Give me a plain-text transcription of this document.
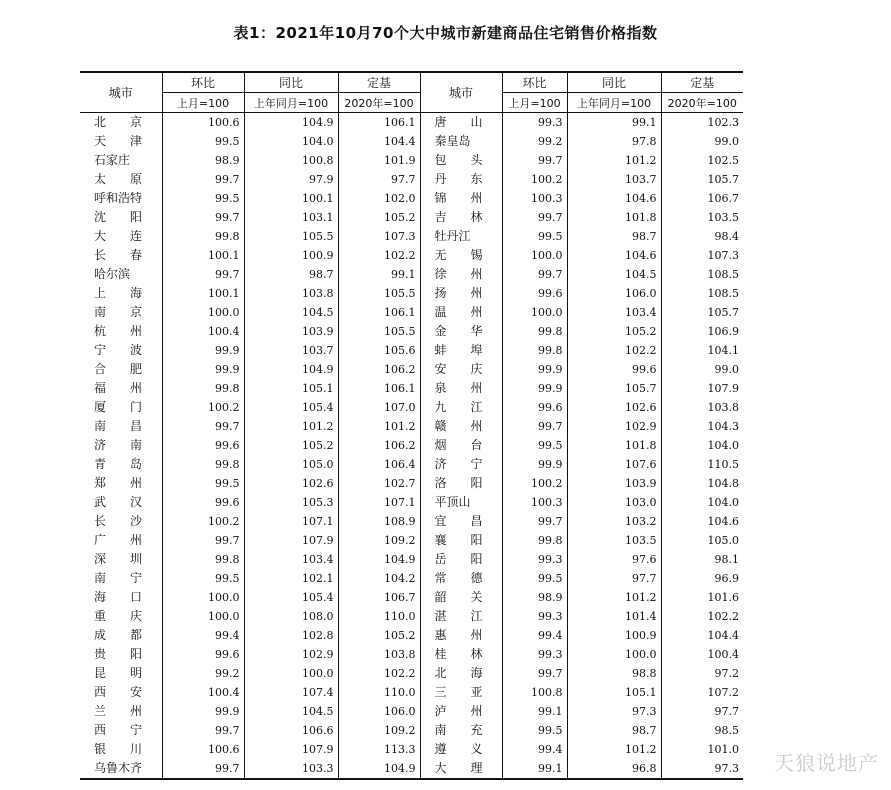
表1：2021年10月70个大中城市新建商品住宅销售价格指数
城市	环比	同比	定基	城市	环比	同比	定基
	上月=100	上年同月=100	2020年=100		上月=100	上年同月=100	2020年=100
北　　京	100.6	104.9	106.1	唐　　山	99.3	99.1	102.3
天　　津	99.5	104.0	104.4	秦皇岛	99.2	97.8	99.0
石家庄	98.9	100.8	101.9	包　　头	99.7	101.2	102.5
太　　原	99.7	97.9	97.7	丹　　东	100.2	103.7	105.7
呼和浩特	99.5	100.1	102.0	锦　　州	100.3	104.6	106.7
沈　　阳	99.7	103.1	105.2	吉　　林	99.7	101.8	103.5
大　　连	99.8	105.5	107.3	牡丹江	99.5	98.7	98.4
长　　春	100.1	100.9	102.2	无　　锡	100.0	104.6	107.3
哈尔滨	99.7	98.7	99.1	徐　　州	99.7	104.5	108.5
上　　海	100.1	103.8	105.5	扬　　州	99.6	106.0	108.5
南　　京	100.0	104.5	106.1	温　　州	100.0	103.4	105.7
杭　　州	100.4	103.9	105.5	金　　华	99.8	105.2	106.9
宁　　波	99.9	103.7	105.6	蚌　　埠	99.8	102.2	104.1
合　　肥	99.9	104.9	106.2	安　　庆	99.9	99.6	99.0
福　　州	99.8	105.1	106.1	泉　　州	99.9	105.7	107.9
厦　　门	100.2	105.4	107.0	九　　江	99.6	102.6	103.8
南　　昌	99.7	101.2	101.2	赣　　州	99.7	102.9	104.3
济　　南	99.6	105.2	106.2	烟　　台	99.5	101.8	104.0
青　　岛	99.8	105.0	106.4	济　　宁	99.9	107.6	110.5
郑　　州	99.5	102.6	102.7	洛　　阳	100.2	103.9	104.8
武　　汉	99.6	105.3	107.1	平顶山	100.3	103.0	104.0
长　　沙	100.2	107.1	108.9	宜　　昌	99.7	103.2	104.6
广　　州	99.7	107.9	109.2	襄　　阳	99.8	103.5	105.0
深　　圳	99.8	103.4	104.9	岳　　阳	99.3	97.6	98.1
南　　宁	99.5	102.1	104.2	常　　德	99.5	97.7	96.9
海　　口	100.0	105.4	106.7	韶　　关	98.9	101.2	101.6
重　　庆	100.0	108.0	110.0	湛　　江	99.3	101.4	102.2
成　　都	99.4	102.8	105.2	惠　　州	99.4	100.9	104.4
贵　　阳	99.6	102.9	103.8	桂　　林	99.3	100.0	100.4
昆　　明	99.2	100.0	102.2	北　　海	99.7	98.8	97.2
西　　安	100.4	107.4	110.0	三　　亚	100.8	105.1	107.2
兰　　州	99.9	104.5	106.0	泸　　州	99.1	97.3	97.7
西　　宁	99.7	106.6	109.2	南　　充	99.5	98.7	98.5
银　　川	100.6	107.9	113.3	遵　　义	99.4	101.2	101.0
乌鲁木齐	99.7	103.3	104.9	大　　理	99.1	96.8	97.3 天狼说地产
